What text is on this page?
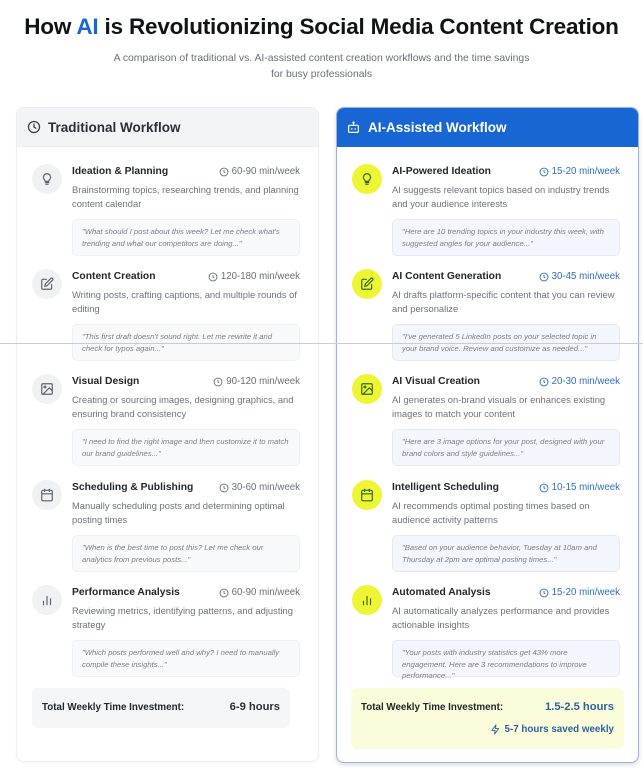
How AI is Revolutionizing Social Media Content Creation

A comparison of traditional vs. AI-assisted content creation workflows and the time savings for busy professionals

Traditional Workflow
Ideation & Planning	60-90 min/week
Brainstorming topics, researching trends, and planning content calendar
"What should I post about this week? Let me check what's trending and what our competitors are doing..."
Content Creation	120-180 min/week
Writing posts, crafting captions, and multiple rounds of editing
"This first draft doesn't sound right. Let me rewrite it and check for typos again..."
Visual Design	90-120 min/week
Creating or sourcing images, designing graphics, and ensuring brand consistency
"I need to find the right image and then customize it to match our brand guidelines..."
Scheduling & Publishing	30-60 min/week
Manually scheduling posts and determining optimal posting times
"When is the best time to post this? Let me check our analytics from previous posts..."
Performance Analysis	60-90 min/week
Reviewing metrics, identifying patterns, and adjusting strategy
"Which posts performed well and why? I need to manually compile these insights..."
Total Weekly Time Investment:	6-9 hours
AI-Assisted Workflow
AI-Powered Ideation	15-20 min/week
AI suggests relevant topics based on industry trends and your audience interests
"Here are 10 trending topics in your industry this week, with suggested angles for your audience..."
AI Content Generation	30-45 min/week
AI drafts platform-specific content that you can review and personalize
"I've generated 5 LinkedIn posts on your selected topic in your brand voice. Review and customize as needed..."
AI Visual Creation	20-30 min/week
AI generates on-brand visuals or enhances existing images to match your content
"Here are 3 image options for your post, designed with your brand colors and style guidelines..."
Intelligent Scheduling	10-15 min/week
AI recommends optimal posting times based on audience activity patterns
"Based on your audience behavior, Tuesday at 10am and Thursday at 2pm are optimal posting times..."
Automated Analysis	15-20 min/week
AI automatically analyzes performance and provides actionable insights
"Your posts with industry statistics get 43% more engagement. Here are 3 recommendations to improve performance..."
Total Weekly Time Investment:	1.5-2.5 hours
5-7 hours saved weekly
